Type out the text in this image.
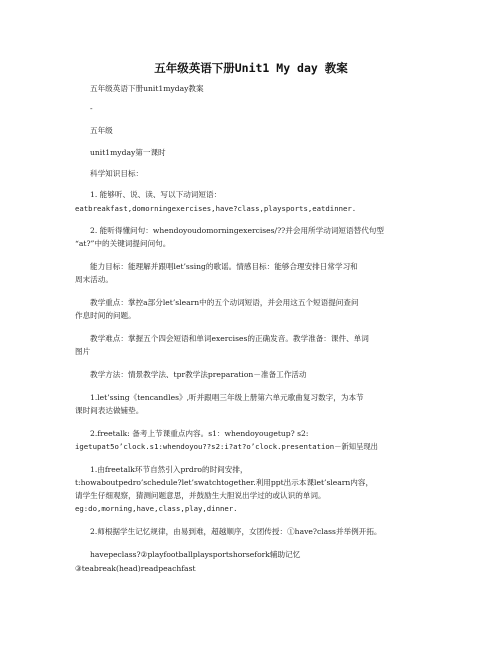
五年级英语下册Unit1 My day 教案
五年级英语下册unit1myday教案
-
五年级
unit1myday第一课时
科学知识目标：
1. 能够听、说、读、写以下动词短语：
eatbreakfast,domorningexercises,have?class,playsports,eatdinner.
2. 能听得懂问句：whendoyoudomorningexercises/??并会用所学动词短语替代句型
“at?”中的关键词提问问句。
能力目标：能理解并跟唱let’ssing的歌谣。情感目标：能够合理安排日常学习和
周末活动。
教学重点：掌控a部分let’slearn中的五个动词短语，并会用这五个短语提问查问
作息时间的问题。
教学难点：掌握五个四会短语和单词exercises的正确发音。教学准备：课件、单词
图片
教学方法：情景教学法、tpr教学法preparation－准备工作活动
1.let’ssing《tencandles》,听并跟唱三年级上册第六单元歌曲复习数字，为本节
课时间表达做铺垫。
2.freetalk: 备考上节课重点内容。s1：whendoyougetup? s2:
igetupat5o’clock.s1:whendoyou??s2:i?at?o’clock.presentation－新知呈现出
1.由freetalk环节自然引入prdro的时间安排，
t:howaboutpedro’schedule?let’swatchtogether.利用ppt出示本课let’slearn内容，
请学生仔细观察，猜测问题意思，并鼓励生大胆说出学过的或认识的单词。
eg:do,morning,have,class,play,dinner.
2.师根据学生记忆规律，由易到难，超越顺序，女团传授：①have?class并举例开拓。
havepeclass?②playfootballplaysportshorsefork辅助记忆
③teabreak(head)readpeachfast
